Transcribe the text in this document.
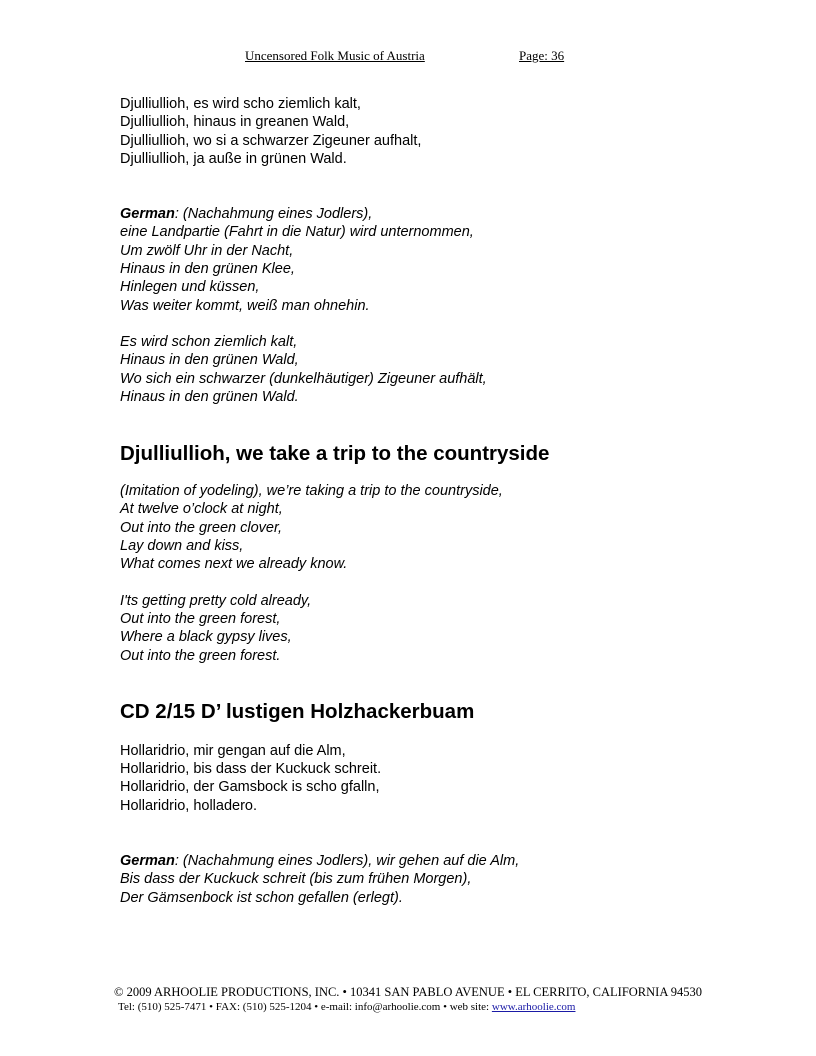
Uncensored Folk Music of Austria	Page: 36
Djulliullioh, es wird scho ziemlich kalt,
Djulliullioh, hinaus in greanen Wald,
Djulliullioh, wo si a schwarzer Zigeuner aufhalt,
Djulliullioh, ja auße in grünen Wald.
German: (Nachahmung eines Jodlers),
eine Landpartie (Fahrt in die Natur) wird unternommen,
Um zwölf Uhr in der Nacht,
Hinaus in den grünen Klee,
Hinlegen und küssen,
Was weiter kommt, weiß man ohnehin.
Es wird schon ziemlich kalt,
Hinaus in den grünen Wald,
Wo sich ein schwarzer (dunkelhäutiger) Zigeuner aufhält,
Hinaus in den grünen Wald.
Djulliullioh, we take a trip to the countryside
(Imitation of yodeling), we’re taking a trip to the countryside,
At twelve o’clock at night,
Out into the green clover,
Lay down and kiss,
What comes next we already know.
I'ts getting pretty cold already,
Out into the green forest,
Where a black gypsy lives,
Out into the green forest.
CD 2/15 D’ lustigen Holzhackerbuam
Hollaridrio, mir gengan auf die Alm,
Hollaridrio, bis dass der Kuckuck schreit.
Hollaridrio, der Gamsbock is scho gfalln,
Hollaridrio, holladero.
German: (Nachahmung eines Jodlers), wir gehen auf die Alm,
Bis dass der Kuckuck schreit (bis zum frühen Morgen),
Der Gämsenbock ist schon gefallen (erlegt).
© 2009 ARHOOLIE PRODUCTIONS, INC. • 10341 SAN PABLO AVENUE • EL CERRITO, CALIFORNIA 94530
Tel: (510) 525-7471 • FAX: (510) 525-1204 • e-mail: info@arhoolie.com • web site: www.arhoolie.com
